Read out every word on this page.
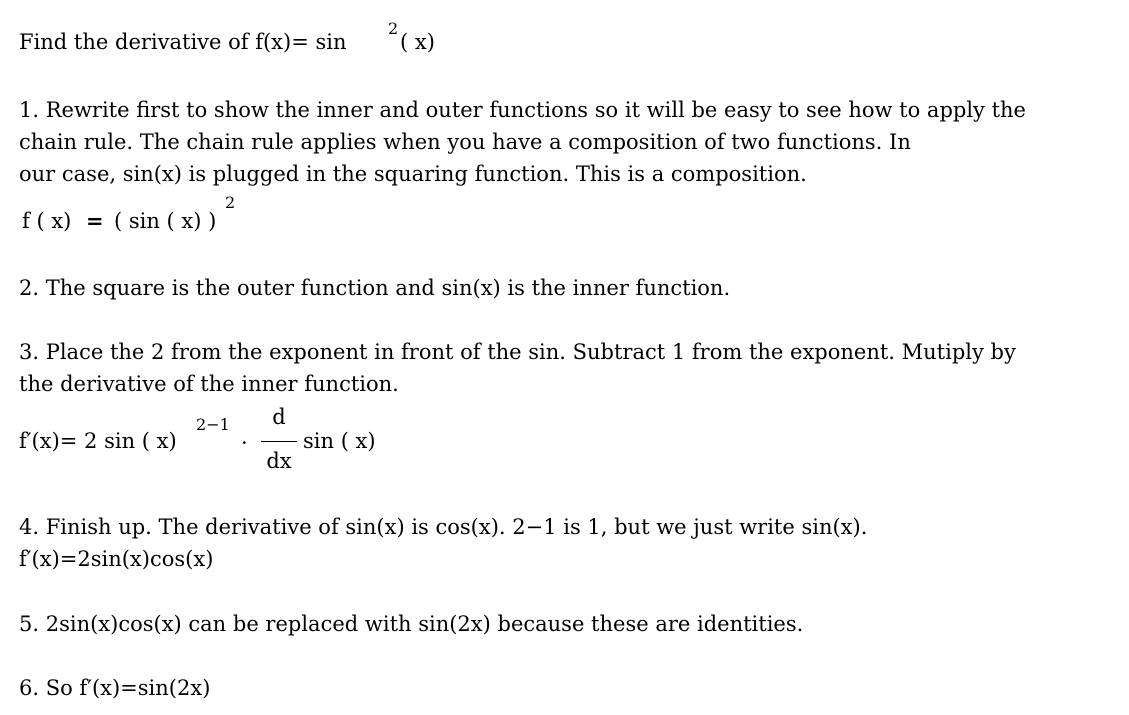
Find the derivative of f(x)= sin
2
( x)
1. Rewrite first to show the inner and outer functions so it will be easy to see how to apply the
chain rule. The chain rule applies when you have a composition of two functions. In
our case, sin(x) is plugged in the squaring function. This is a composition.
f ( x) = ( sin ( x) )
2
2. The square is the outer function and sin(x) is the inner function.
3. Place the 2 from the exponent in front of the sin. Subtract 1 from the exponent. Mutiply by
the derivative of the inner function.
f′(x)= 2 sin ( x)
2−1
·
d
dx
sin ( x)
4. Finish up. The derivative of sin(x) is cos(x). 2−1 is 1, but we just write sin(x).
f′(x)=2sin(x)cos(x)
5. 2sin(x)cos(x) can be replaced with sin(2x) because these are identities.
6. So f′(x)=sin(2x)
